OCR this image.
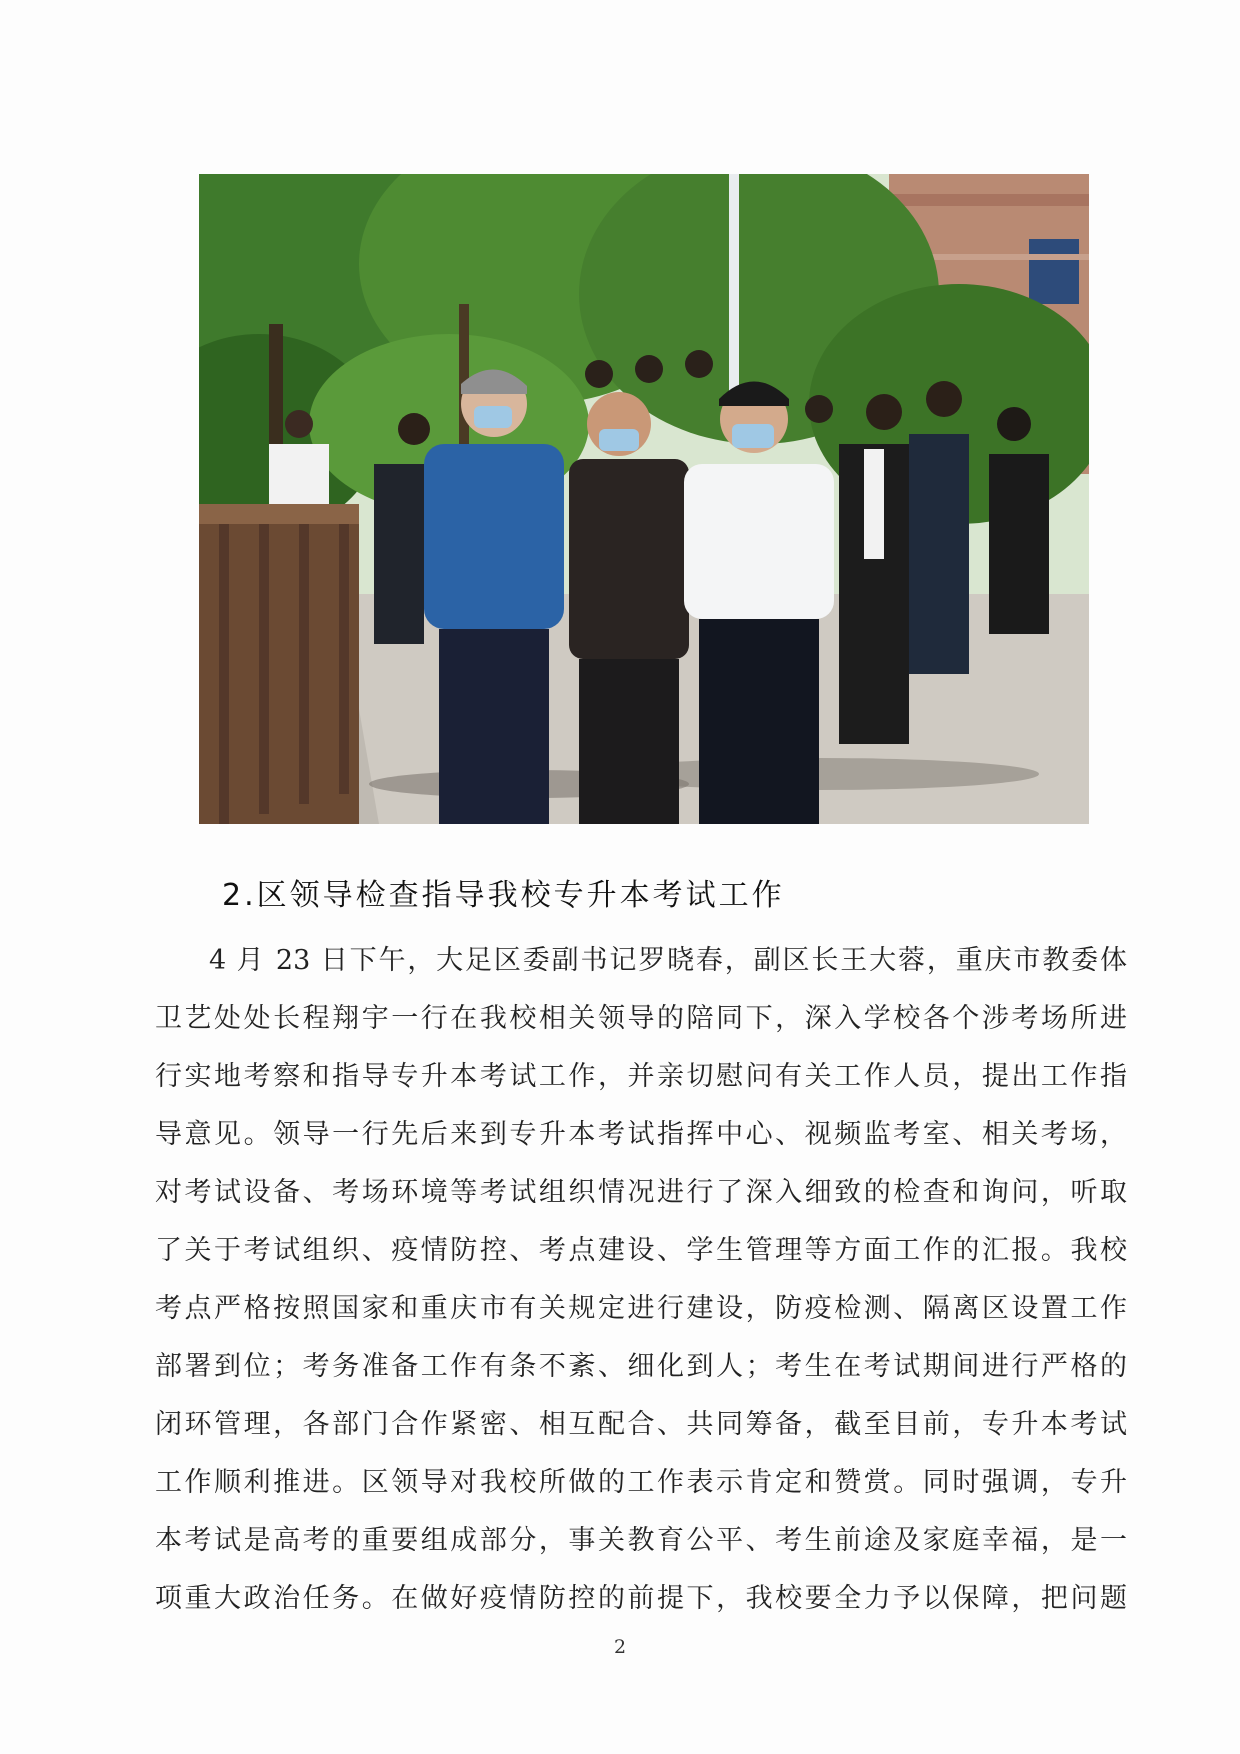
2.区领导检查指导我校专升本考试工作
4 月 23 日下午，大足区委副书记罗晓春，副区长王大蓉，重庆市教委体
卫艺处处长程翔宇一行在我校相关领导的陪同下，深入学校各个涉考场所进
行实地考察和指导专升本考试工作，并亲切慰问有关工作人员，提出工作指
导意见。领导一行先后来到专升本考试指挥中心、视频监考室、相关考场，
对考试设备、考场环境等考试组织情况进行了深入细致的检查和询问，听取
了关于考试组织、疫情防控、考点建设、学生管理等方面工作的汇报。我校
考点严格按照国家和重庆市有关规定进行建设，防疫检测、隔离区设置工作
部署到位；考务准备工作有条不紊、细化到人；考生在考试期间进行严格的
闭环管理，各部门合作紧密、相互配合、共同筹备，截至目前，专升本考试
工作顺利推进。区领导对我校所做的工作表示肯定和赞赏。同时强调，专升
本考试是高考的重要组成部分，事关教育公平、考生前途及家庭幸福，是一
项重大政治任务。在做好疫情防控的前提下，我校要全力予以保障，把问题
2
